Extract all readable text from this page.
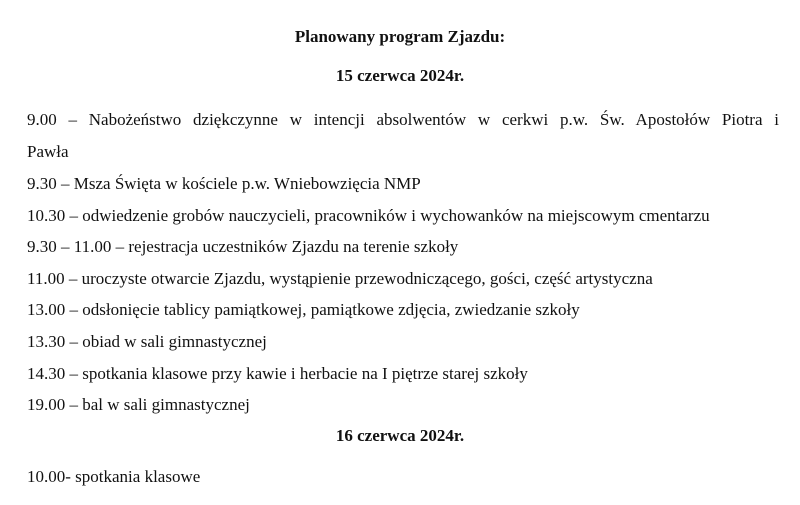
Planowany program Zjazdu:
15 czerwca 2024r.
9.00 – Nabożeństwo dziękczynne w intencji absolwentów w cerkwi p.w. Św. Apostołów Piotra i
Pawła
9.30 – Msza Święta w kościele p.w. Wniebowzięcia NMP
10.30 – odwiedzenie grobów nauczycieli, pracowników i wychowanków na miejscowym cmentarzu
9.30 – 11.00 – rejestracja uczestników Zjazdu na terenie szkoły
11.00 – uroczyste otwarcie Zjazdu, wystąpienie przewodniczącego, gości, część artystyczna
13.00 – odsłonięcie tablicy pamiątkowej, pamiątkowe zdjęcia, zwiedzanie szkoły
13.30 – obiad w sali gimnastycznej
14.30 – spotkania klasowe przy kawie i herbacie na I piętrze starej szkoły
19.00 – bal w sali gimnastycznej
16 czerwca 2024r.
10.00- spotkania klasowe
